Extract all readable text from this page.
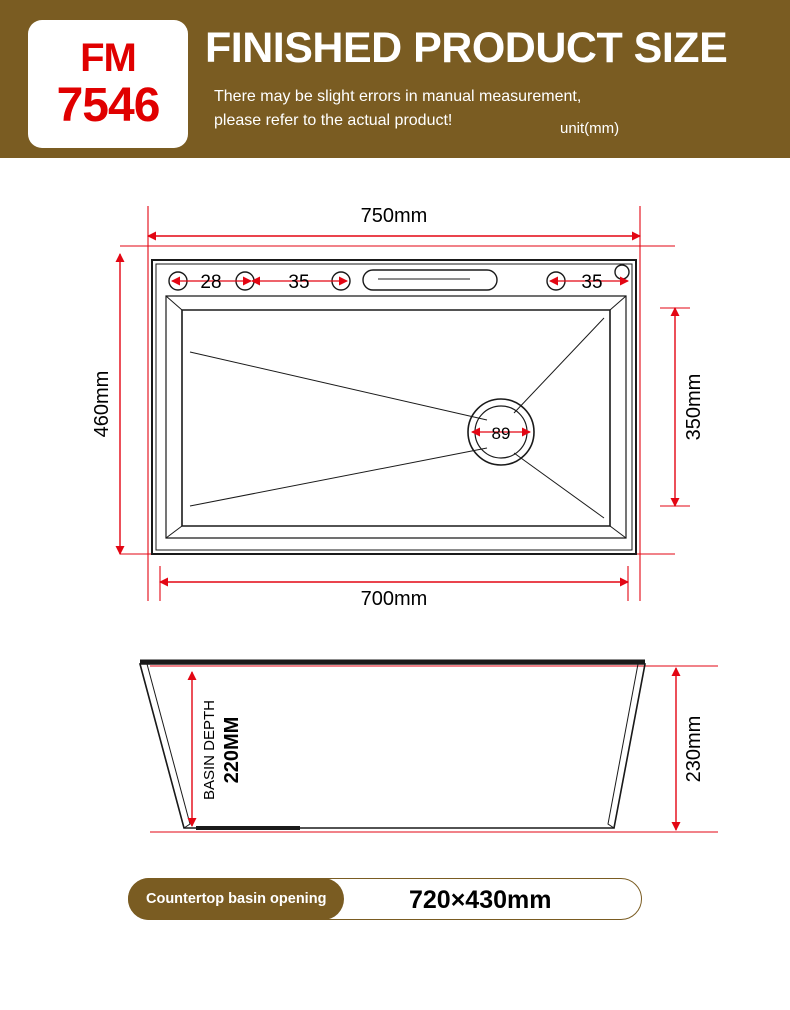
FM
7546
FINISHED PRODUCT SIZE
There may be slight errors in manual measurement,
please refer to the actual product!	unit(mm)
750mm
460mm
700mm
350mm
89
28	35	35
BASIN DEPTH 220MM	230mm
Countertop basin opening	720×430mm
